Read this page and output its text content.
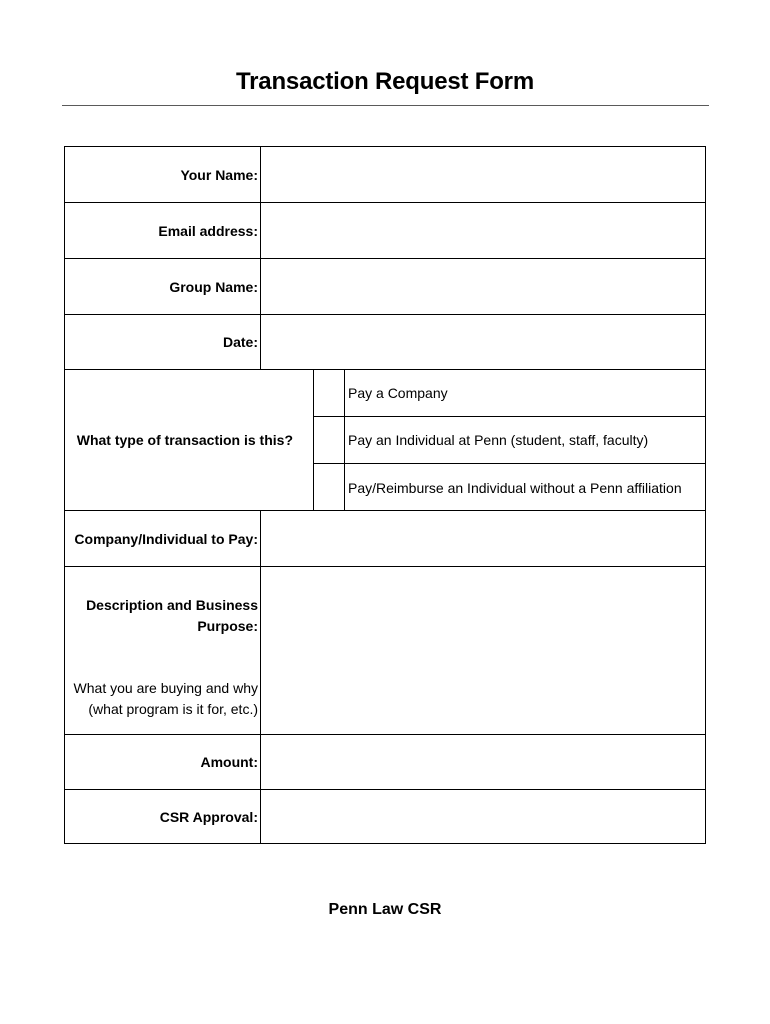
Transaction Request Form
Your Name:
Email address:
Group Name:
Date:
What type of transaction is this?
Pay a Company
Pay an Individual at Penn (student, staff, faculty)
Pay/Reimburse an Individual without a Penn affiliation
Company/Individual to Pay:
Description and Business Purpose:
What you are buying and why (what program is it for, etc.)
Amount:
CSR Approval:
Penn Law CSR
